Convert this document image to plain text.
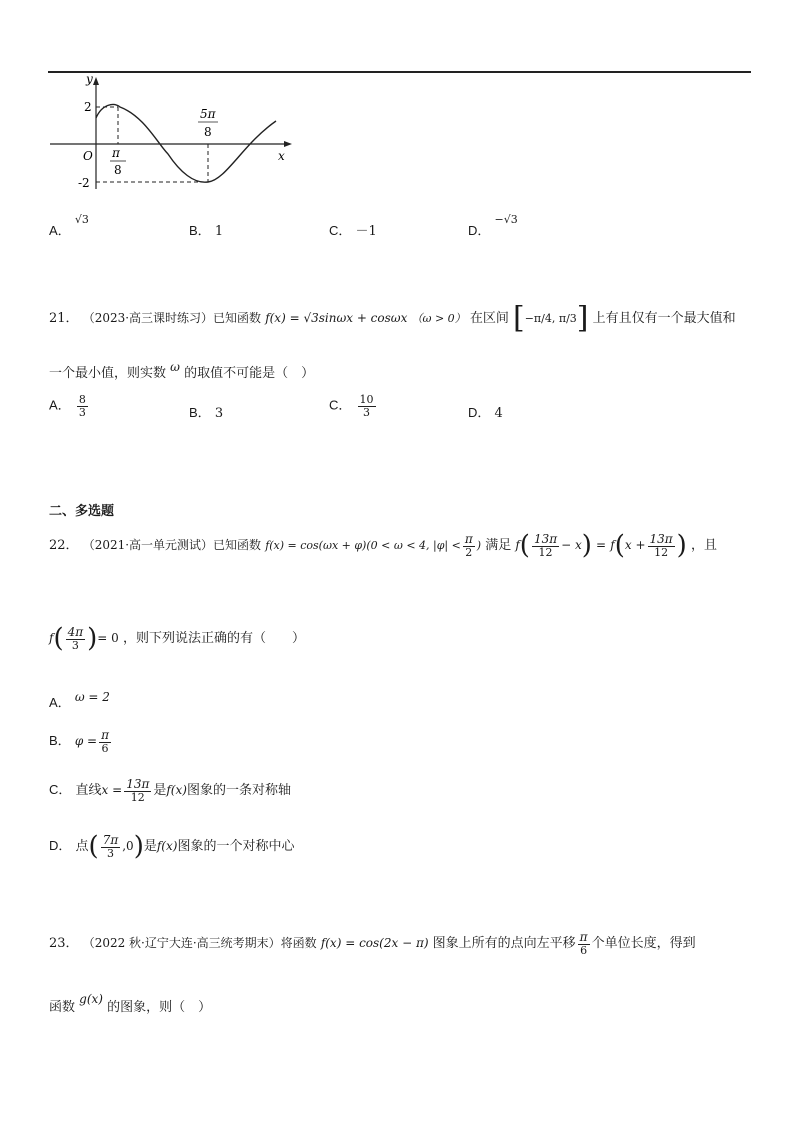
y
x
O
2
-2
π
8
5π
8
A． $^{√3}$
B． 1	C． －1	D． $^{-√3}$
21． （2023·高三课时练习）已知函数 f(x) = √3sinωx + cosωx （ω > 0） 在区间 [−π/4, π/3] 上有且仅有一个最大值和
一个最小值，则实数 ω 的取值不可能是（　）
A． $\frac{8}{3}$	B． 3
C． $\frac{10}{3}$	D． 4
二、多选题
22． （2021·高一单元测试）已知函数 f(x) = cos(ωx + φ)(0 < ω < 4, $|\varphi| < \frac{\pi}{2}$ ) 满足 $f( \frac{13\pi}{12} - x) = f(x + \frac{13\pi}{12}$ ) ，且
$f( \frac{4\pi}{3}$ )= 0 ，则下列说法正确的有（　　）
A． ω = 2
B． $\varphi = \frac{\pi}{6}$
C． 直线$x = \frac{13\pi}{12}$ 是f(x)图象的一条对称轴
D． 点( $\frac{7\pi}{3} ,0$)是f(x)图象的一个对称中心
23． （2022 秋·辽宁大连·高三统考期末）将函数 f(x) = cos(2x − π) 图象上所有的点向左平移 $\frac{\pi}{6}$ 个单位长度，得到
函数 g(x) 的图象，则（　）
